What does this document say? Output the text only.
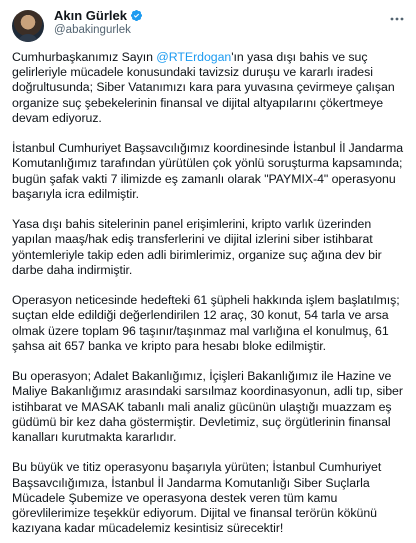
Akın Gürlek
@abakingurlek

Cumhurbaşkanımız Sayın @RTErdogan'ın yasa dışı bahis ve suç gelirleriyle mücadele konusundaki tavizsiz duruşu ve kararlı iradesi doğrultusunda; Siber Vatanımızı kara para yuvasına çevirmeye çalışan organize suç şebekelerinin finansal ve dijital altyapılarını çökertmeye devam ediyoruz.

İstanbul Cumhuriyet Başsavcılığımız koordinesinde İstanbul İl Jandarma Komutanlığımız tarafından yürütülen çok yönlü soruşturma kapsamında; bugün şafak vakti 7 ilimizde eş zamanlı olarak "PAYMIX-4" operasyonu başarıyla icra edilmiştir.

Yasa dışı bahis sitelerinin panel erişimlerini, kripto varlık üzerinden yapılan maaş/hak ediş transferlerini ve dijital izlerini siber istihbarat yöntemleriyle takip eden adli birimlerimiz, organize suç ağına dev bir darbe daha indirmiştir.

Operasyon neticesinde hedefteki 61 şüpheli hakkında işlem başlatılmış; suçtan elde edildiği değerlendirilen 12 araç, 30 konut, 54 tarla ve arsa olmak üzere toplam 96 taşınır/taşınmaz mal varlığına el konulmuş, 61 şahsa ait 657 banka ve kripto para hesabı bloke edilmiştir.

Bu operasyon; Adalet Bakanlığımız, İçişleri Bakanlığımız ile Hazine ve Maliye Bakanlığımız arasındaki sarsılmaz koordinasyonun, adli tıp, siber istihbarat ve MASAK tabanlı mali analiz gücünün ulaştığı muazzam eş güdümü bir kez daha göstermiştir. Devletimiz, suç örgütlerinin finansal kanalları kurutmakta kararlıdır.

Bu büyük ve titiz operasyonu başarıyla yürüten; İstanbul Cumhuriyet Başsavcılığımıza, İstanbul İl Jandarma Komutanlığı Siber Suçlarla Mücadele Şubemize ve operasyona destek veren tüm kamu görevlilerimize teşekkür ediyorum. Dijital ve finansal terörün kökünü kazıyana kadar mücadelemiz kesintisiz sürecektir!
